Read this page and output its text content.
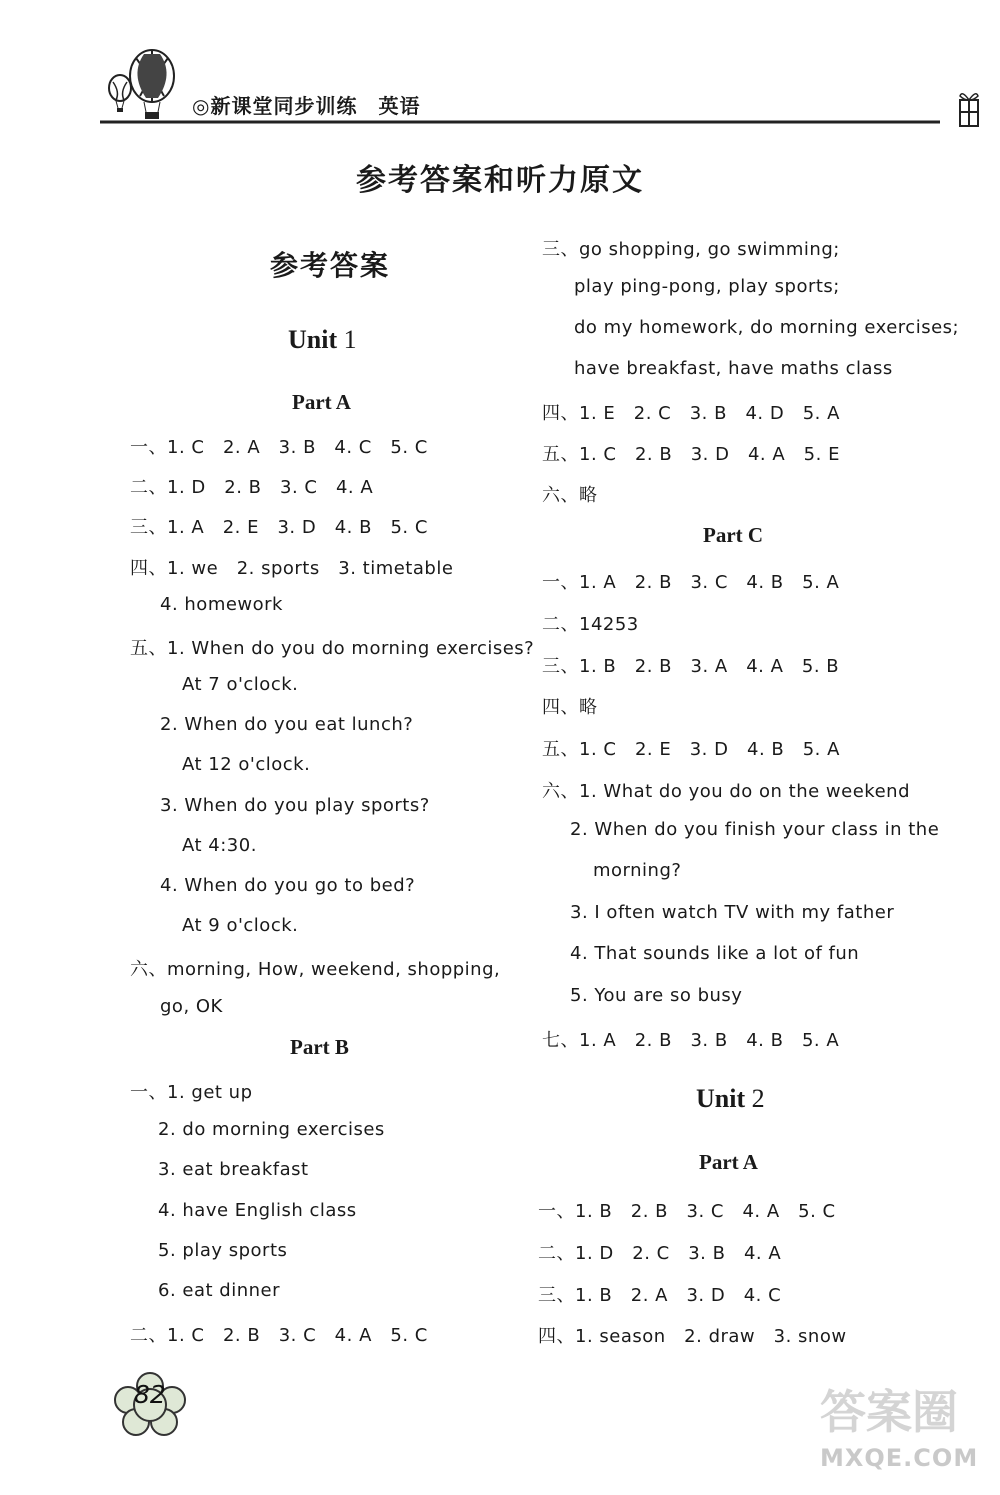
◎新课堂同步训练　英语
参考答案和听力原文
参考答案
Unit 1
Part A
一、1. C　2. A　3. B　4. C　5. C
二、1. D　2. B　3. C　4. A
三、1. A　2. E　3. D　4. B　5. C
四、1. we　2. sports　3. timetable
4. homework
五、1. When do you do morning exercises?
At 7 o'clock.
2. When do you eat lunch?
At 12 o'clock.
3. When do you play sports?
At 4:30.
4. When do you go to bed?
At 9 o'clock.
六、morning, How, weekend, shopping,
go, OK
Part B
一、1. get up
2. do morning exercises
3. eat breakfast
4. have English class
5. play sports
6. eat dinner
二、1. C　2. B　3. C　4. A　5. C
三、go shopping, go swimming;
play ping-pong, play sports;
do my homework, do morning exercises;
have breakfast, have maths class
四、1. E　2. C　3. B　4. D　5. A
五、1. C　2. B　3. D　4. A　5. E
六、略
Part C
一、1. A　2. B　3. C　4. B　5. A
二、14253
三、1. B　2. B　3. A　4. A　5. B
四、略
五、1. C　2. E　3. D　4. B　5. A
六、1. What do you do on the weekend
2. When do you finish your class in the
morning?
3. I often watch TV with my father
4. That sounds like a lot of fun
5. You are so busy
七、1. A　2. B　3. B　4. B　5. A
Unit 2
Part A
一、1. B　2. B　3. C　4. A　5. C
二、1. D　2. C　3. B　4. A
三、1. B　2. A　3. D　4. C
四、1. season　2. draw　3. snow
82	答案圈
MXQE.COM
